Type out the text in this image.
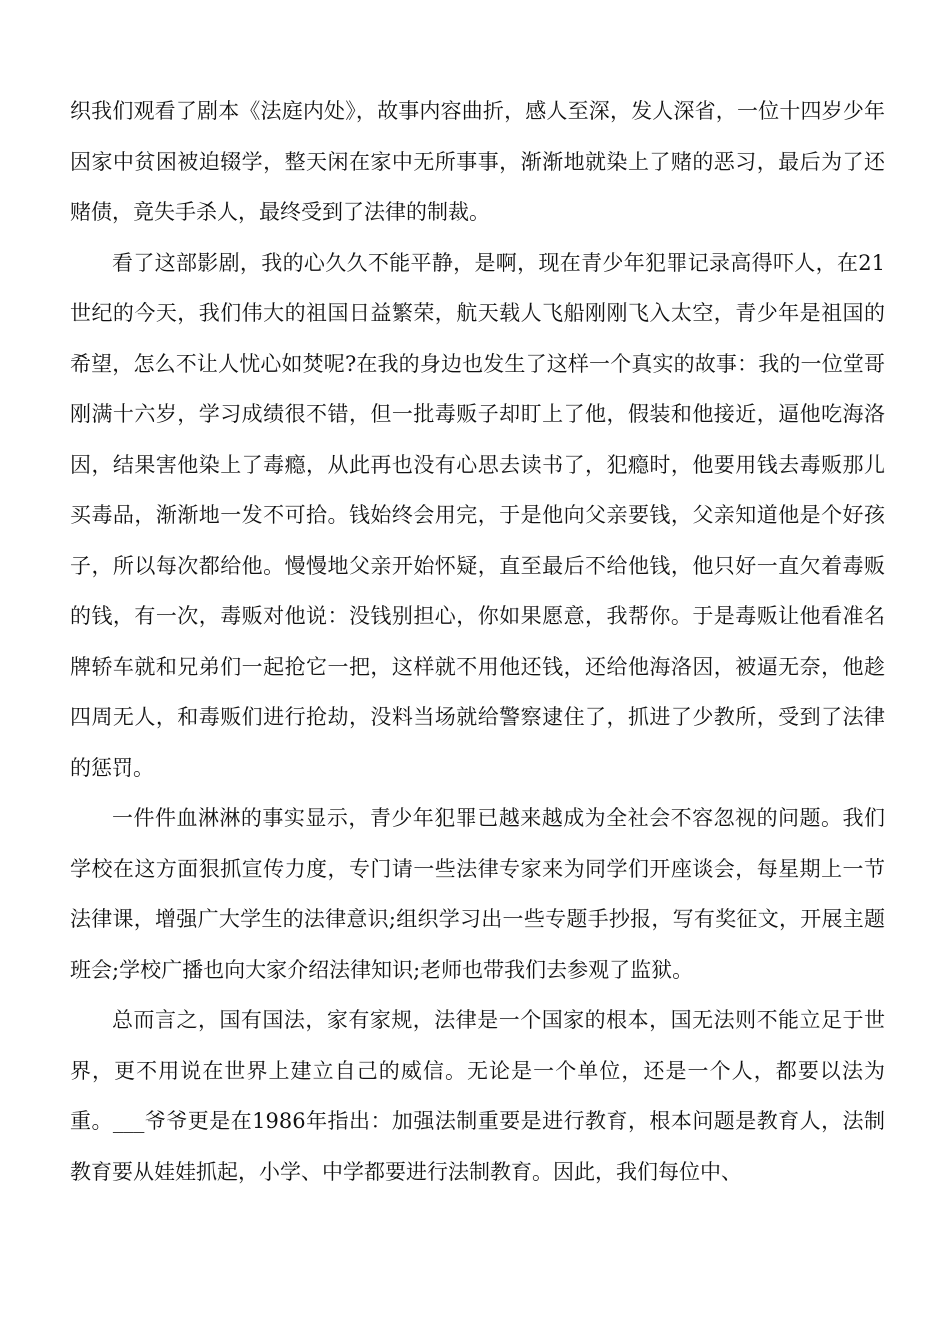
织我们观看了剧本《法庭内处》，故事内容曲折，感人至深，发人深省，一位十四岁少年因家中贫困被迫辍学，整天闲在家中无所事事，渐渐地就染上了赌的恶习，最后为了还赌债，竟失手杀人，最终受到了法律的制裁。

看了这部影剧，我的心久久不能平静，是啊，现在青少年犯罪记录高得吓人，在21世纪的今天，我们伟大的祖国日益繁荣，航天载人飞船刚刚飞入太空，青少年是祖国的希望，怎么不让人忧心如焚呢?在我的身边也发生了这样一个真实的故事：我的一位堂哥刚满十六岁，学习成绩很不错，但一批毒贩子却盯上了他，假装和他接近，逼他吃海洛因，结果害他染上了毒瘾，从此再也没有心思去读书了，犯瘾时，他要用钱去毒贩那儿买毒品，渐渐地一发不可拾。钱始终会用完，于是他向父亲要钱，父亲知道他是个好孩子，所以每次都给他。慢慢地父亲开始怀疑，直至最后不给他钱，他只好一直欠着毒贩的钱，有一次，毒贩对他说：没钱别担心，你如果愿意，我帮你。于是毒贩让他看准名牌轿车就和兄弟们一起抢它一把，这样就不用他还钱，还给他海洛因，被逼无奈，他趁四周无人，和毒贩们进行抢劫，没料当场就给警察逮住了，抓进了少教所，受到了法律的惩罚。

一件件血淋淋的事实显示，青少年犯罪已越来越成为全社会不容忽视的问题。我们学校在这方面狠抓宣传力度，专门请一些法律专家来为同学们开座谈会，每星期上一节法律课，增强广大学生的法律意识;组织学习出一些专题手抄报，写有奖征文，开展主题班会;学校广播也向大家介绍法律知识;老师也带我们去参观了监狱。

总而言之，国有国法，家有家规，法律是一个国家的根本，国无法则不能立足于世界，更不用说在世界上建立自己的威信。无论是一个单位，还是一个人，都要以法为重。___爷爷更是在1986年指出：加强法制重要是进行教育，根本问题是教育人，法制教育要从娃娃抓起，小学、中学都要进行法制教育。因此，我们每位中、
